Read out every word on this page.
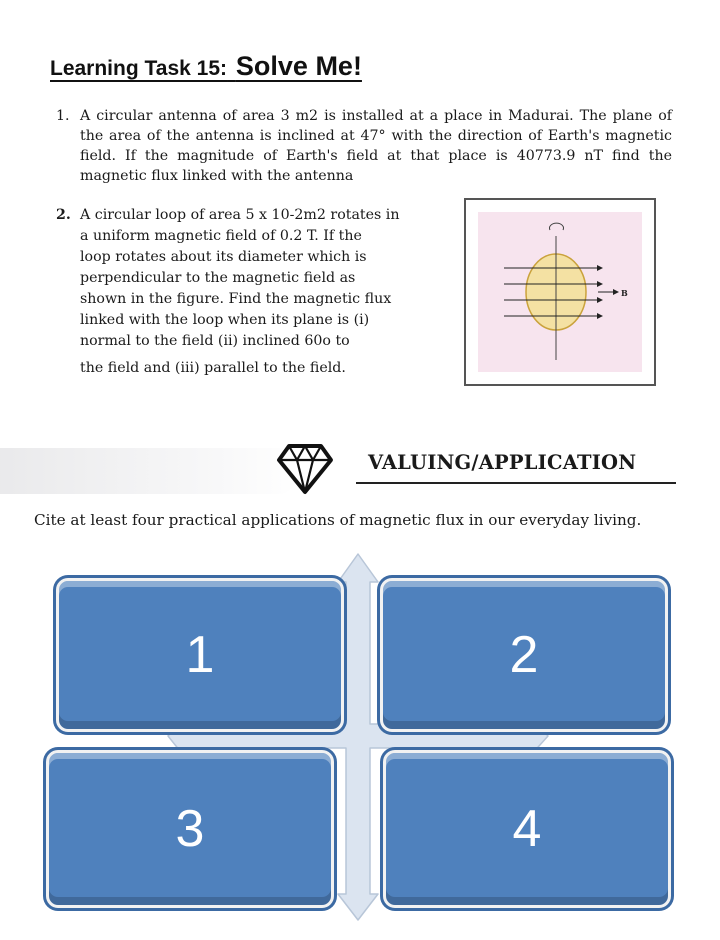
Learning Task 15: Solve Me!
1. A circular antenna of area 3 m2 is installed at a place in Madurai. The plane of the area of the antenna is inclined at 47° with the direction of Earth's magnetic field. If the magnitude of Earth's field at that place is 40773.9 nT find the magnetic flux linked with the antenna
2. A circular loop of area 5 x 10-2m2 rotates in
a uniform magnetic field of 0.2 T. If the
loop rotates about its diameter which is
perpendicular to the magnetic field as
shown in the figure. Find the magnetic flux
linked with the loop when its plane is (i)
normal to the field (ii) inclined 60o to
the field and (iii) parallel to the field.
B
VALUING/APPLICATION

Cite at least four practical applications of magnetic flux in our everyday living.

1	2
3	4
